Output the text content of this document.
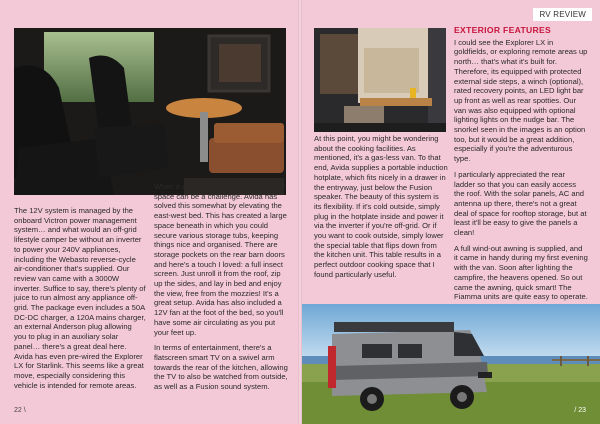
RV REVIEW

The 12V system is managed by the onboard Victron power management system… and what would an off-grid lifestyle camper be without an inverter to power your 240V appliances, including the Webasto reverse-cycle air-conditioner that's supplied. Our review van came with a 3000W inverter. Suffice to say, there's plenty of juice to run almost any appliance off-grid. The package even includes a 50A DC-DC charger, a 120A mains charger, an external Anderson plug allowing you to plug in an auxiliary solar panel… there's a great deal here. Avida has even pre-wired the Explorer LX for Starlink. This seems like a great move, especially considering this vehicle is intended for remote areas.

When it comes to campervans, storage space can be a challenge. Avida has solved this somewhat by elevating the east-west bed. This has created a large space beneath in which you could secure various storage tubs, keeping things nice and organised. There are storage pockets on the rear barn doors and here's a touch I loved: a full insect screen. Just unroll it from the roof, zip up the sides, and lay in bed and enjoy the view, free from the mozzies! It's a great setup. Avida has also included a 12V fan at the foot of the bed, so you'll have some air circulating as you put your feet up.

In terms of entertainment, there's a flatscreen smart TV on a swivel arm towards the rear of the kitchen, allowing the TV to also be watched from outside, as well as a Fusion sound system.

At this point, you might be wondering about the cooking facilities. As mentioned, it's a gas-less van. To that end, Avida supplies a portable induction hotplate, which fits nicely in a drawer in the entryway, just below the Fusion speaker. The beauty of this system is its flexibility. If it's cold outside, simply plug in the hotplate inside and power it via the inverter if you're off-grid. Or if you want to cook outside, simply lower the special table that flips down from the kitchen unit. This table results in a perfect outdoor cooking space that I found particularly useful.

EXTERIOR FEATURES

I could see the Explorer LX in goldfields, or exploring remote areas up north… that's what it's built for. Therefore, its equipped with protected external side steps, a winch (optional), rated recovery points, an LED light bar up front as well as rear spotties. Our van was also equipped with optional lighting lights on the nudge bar. The snorkel seen in the images is an option too, but it would be a great addition, especially if you're the adventurous type.

I particularly appreciated the rear ladder so that you can easily access the roof. With the solar panels, AC and antenna up there, there's not a great deal of space for rooftop storage, but at least it'll be easy to give the panels a clean!

A full wind-out awning is supplied, and it came in handy during my first evening with the van. Soon after lighting the campfire, the heavens opened. So out came the awning, quick smart! The Fiamma units are quite easy to operate.

22 \	/ 23
